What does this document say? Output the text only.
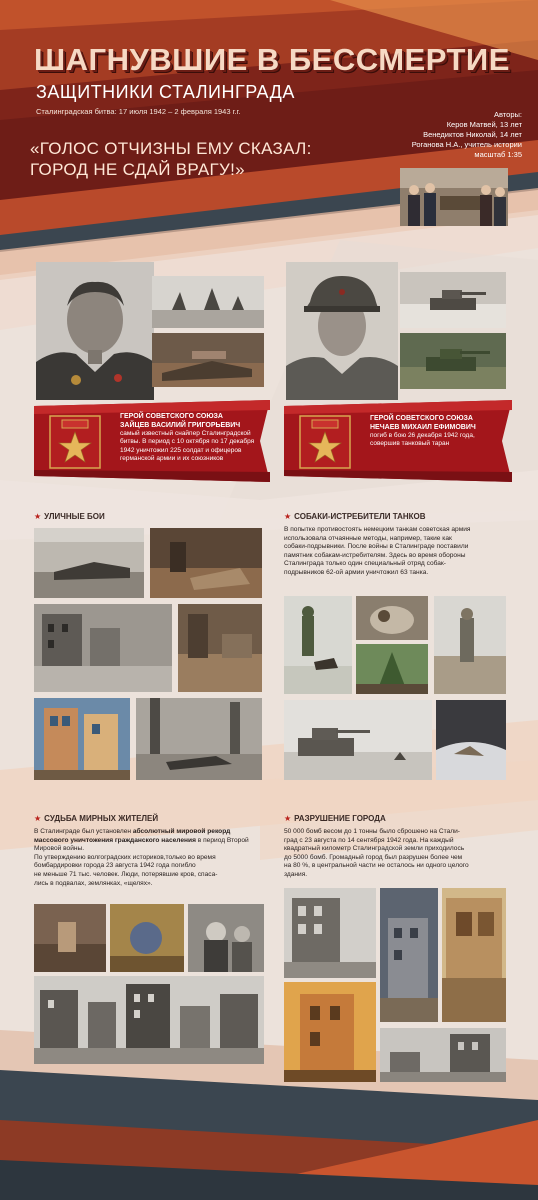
ШАГНУВШИЕ В БЕССМЕРТИЕ
ЗАЩИТНИКИ СТАЛИНГРАДА
Сталинградская битва: 17 июля 1942 – 2 февраля 1943 г.г.
«ГОЛОС ОТЧИЗНЫ ЕМУ СКАЗАЛ:
ГОРОД НЕ СДАЙ ВРАГУ!»
Авторы:
Керов Матвей, 13 лет
Венедиктов Николай, 14 лет
Роганова Н.А., учитель истории
масштаб 1:35
ГЕРОЙ СОВЕТСКОГО СОЮЗА
ЗАЙЦЕВ ВАСИЛИЙ ГРИГОРЬЕВИЧ
самый известный снайпер Сталинградской
битвы. В период с 10 октября по 17 декабря
1942 уничтожил 225 солдат и офицеров
германской армии и их союзников
ГЕРОЙ СОВЕТСКОГО СОЮЗА
НЕЧАЕВ МИХАИЛ ЕФИМОВИЧ
погиб в бою 26 декабря 1942 года,
совершив танковый таран
★ УЛИЧНЫЕ БОИ	★ СОБАКИ-ИСТРЕБИТЕЛИ ТАНКОВ
В попытке противостоять немецким танкам советская армия
использовала отчаянные методы, например, такие как
собаки-подрывники. После войны в Сталинграде поставили
памятник собакам-истребителям. Здесь во время обороны
Сталинграда только один специальный отряд собак-
подрывников 62-ой армии уничтожил 63 танка.
★ СУДЬБА МИРНЫХ ЖИТЕЛЕЙ
В Сталинграде был установлен абсолютный мировой рекорд массового уничтожения гражданского населения в период Второй Мировой войны.
По утверждению волгоградских историков,только во время
бомбардировки города 23 августа 1942 года погибло
не меньше 71 тыс. человек. Люди, потерявшие кров, спаса-
лись в подвалах, землянках, «щелях».
★ РАЗРУШЕНИЕ ГОРОДА
50 000 бомб весом до 1 тонны было сброшено на Стали-
град с 23 августа по 14 сентября 1942 года. На каждый
квадратный километр Сталинградской земли приходилось
до 5000 бомб. Громадный город был разрушен более чем
на 80 %, в центральной части не осталось ни одного целого
здания.
